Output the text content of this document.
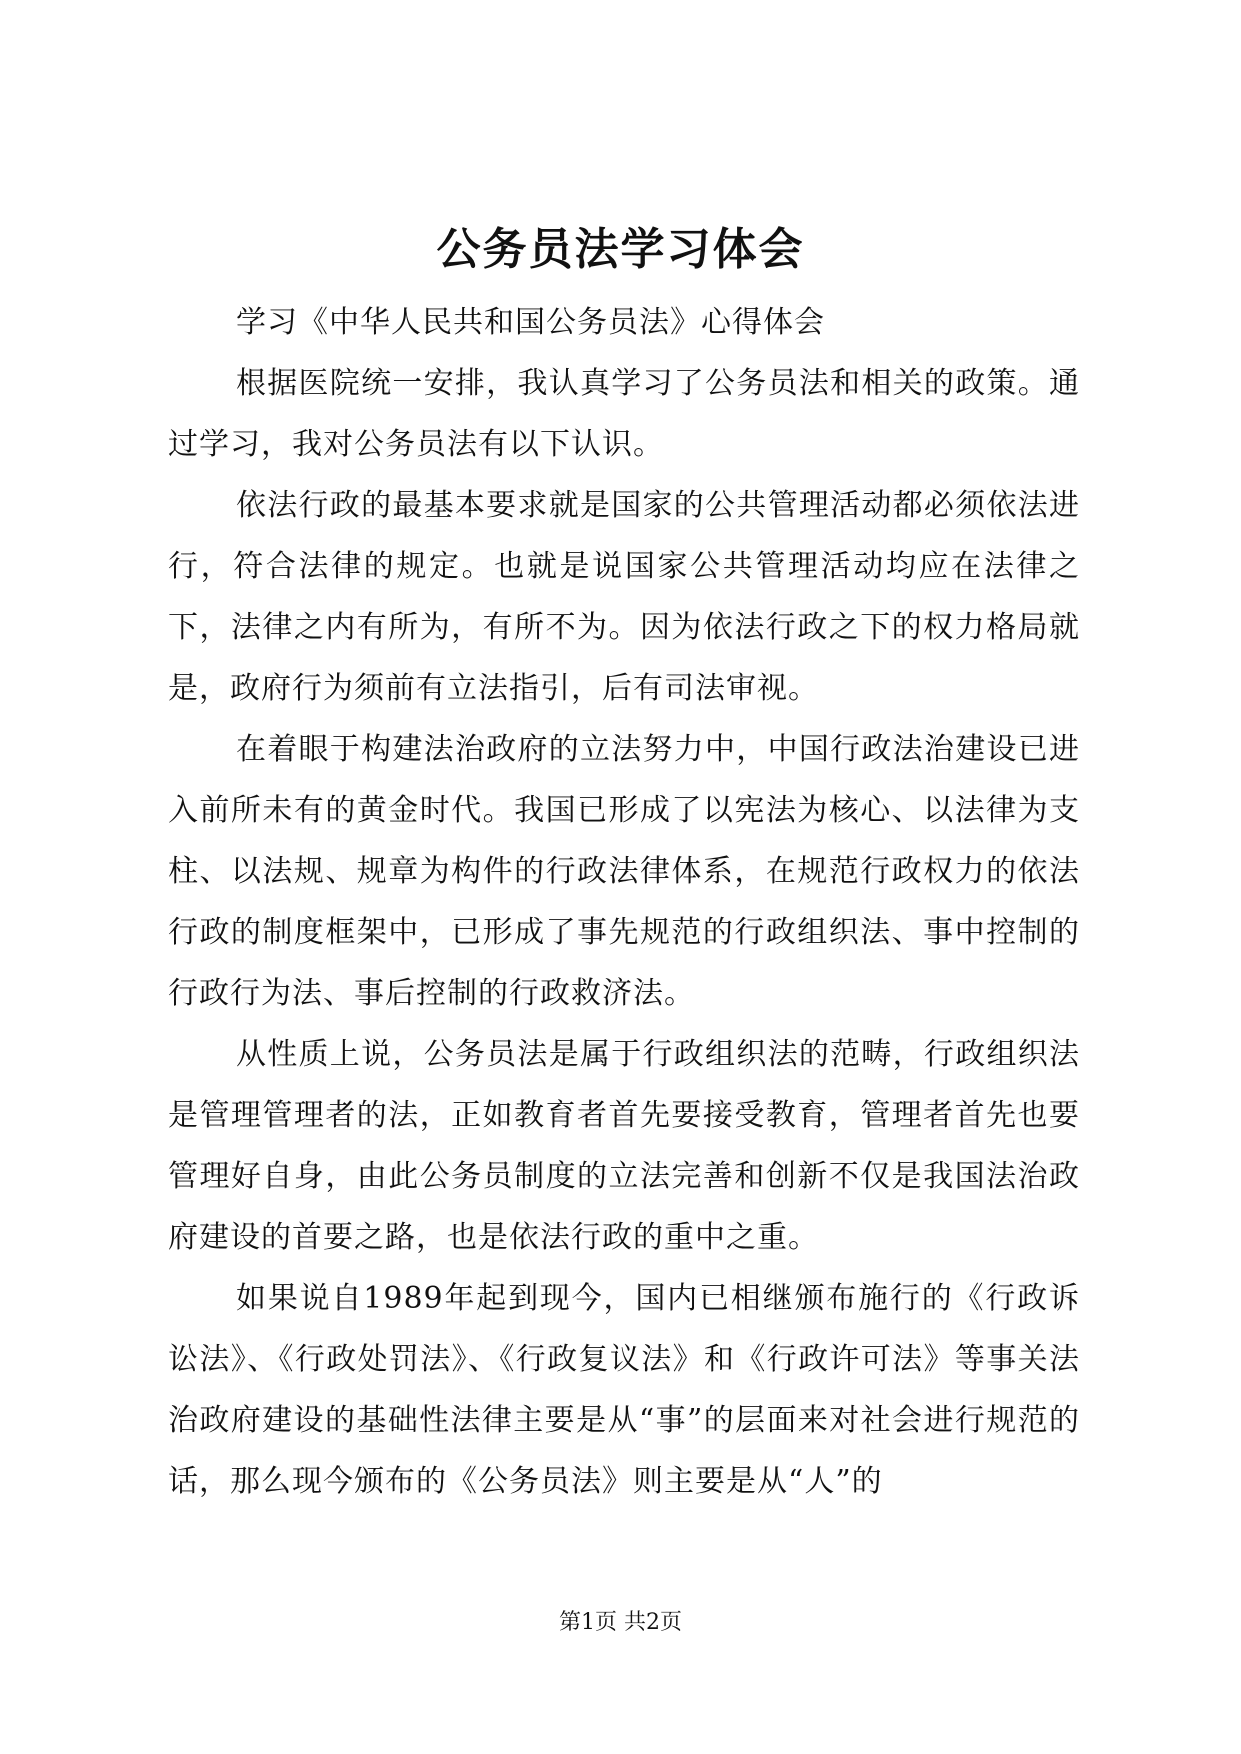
公务员法学习体会

学习《中华人民共和国公务员法》心得体会

根据医院统一安排，我认真学习了公务员法和相关的政策。通过学习，我对公务员法有以下认识。

依法行政的最基本要求就是国家的公共管理活动都必须依法进行，符合法律的规定。也就是说国家公共管理活动均应在法律之下，法律之内有所为，有所不为。因为依法行政之下的权力格局就是，政府行为须前有立法指引，后有司法审视。

在着眼于构建法治政府的立法努力中，中国行政法治建设已进入前所未有的黄金时代。我国已形成了以宪法为核心、以法律为支柱、以法规、规章为构件的行政法律体系，在规范行政权力的依法行政的制度框架中，已形成了事先规范的行政组织法、事中控制的行政行为法、事后控制的行政救济法。

从性质上说，公务员法是属于行政组织法的范畴，行政组织法是管理管理者的法，正如教育者首先要接受教育，管理者首先也要管理好自身，由此公务员制度的立法完善和创新不仅是我国法治政府建设的首要之路，也是依法行政的重中之重。

如果说自1989年起到现今，国内已相继颁布施行的《行政诉讼法》、《行政处罚法》、《行政复议法》和《行政许可法》等事关法治政府建设的基础性法律主要是从“事”的层面来对社会进行规范的话，那么现今颁布的《公务员法》则主要是从“人”的

第1页 共2页
